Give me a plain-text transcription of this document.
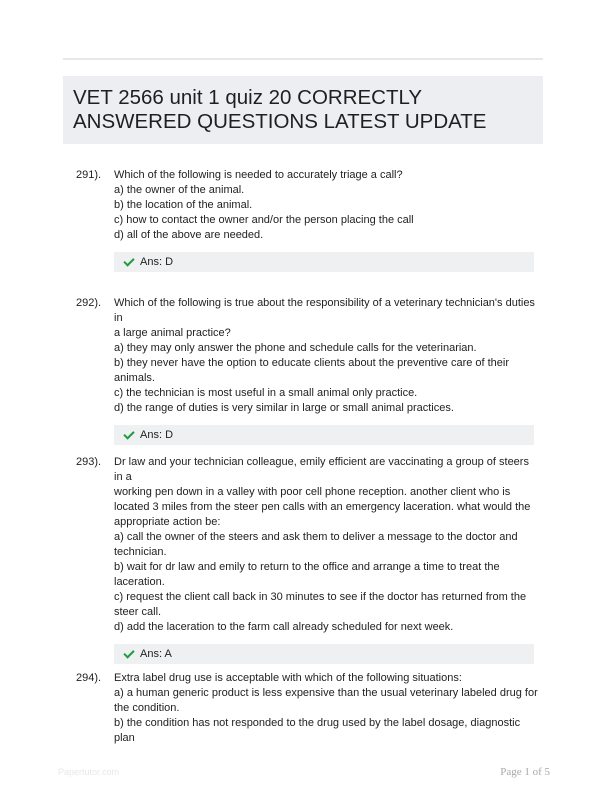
VET 2566 unit 1 quiz 20 CORRECTLY ANSWERED QUESTIONS LATEST UPDATE
291). Which of the following is needed to accurately triage a call?
a) the owner of the animal.
b) the location of the animal.
c) how to contact the owner and/or the person placing the call
d) all of the above are needed.
Ans: D
292). Which of the following is true about the responsibility of a veterinary technician's duties in
a large animal practice?
a) they may only answer the phone and schedule calls for the veterinarian.
b) they never have the option to educate clients about the preventive care of their
animals.
c) the technician is most useful in a small animal only practice.
d) the range of duties is very similar in large or small animal practices.
Ans: D
293). Dr law and your technician colleague, emily efficient are vaccinating a group of steers in a
working pen down in a valley with poor cell phone reception. another client who is
located 3 miles from the steer pen calls with an emergency laceration. what would the
appropriate action be:
a) call the owner of the steers and ask them to deliver a message to the doctor and
technician.
b) wait for dr law and emily to return to the office and arrange a time to treat the
laceration.
c) request the client call back in 30 minutes to see if the doctor has returned from the
steer call.
d) add the laceration to the farm call already scheduled for next week.
Ans: A
294). Extra label drug use is acceptable with which of the following situations:
a) a human generic product is less expensive than the usual veterinary labeled drug for
the condition.
b) the condition has not responded to the drug used by the label dosage, diagnostic plan
Papertutor.com	Page 1 of 5
